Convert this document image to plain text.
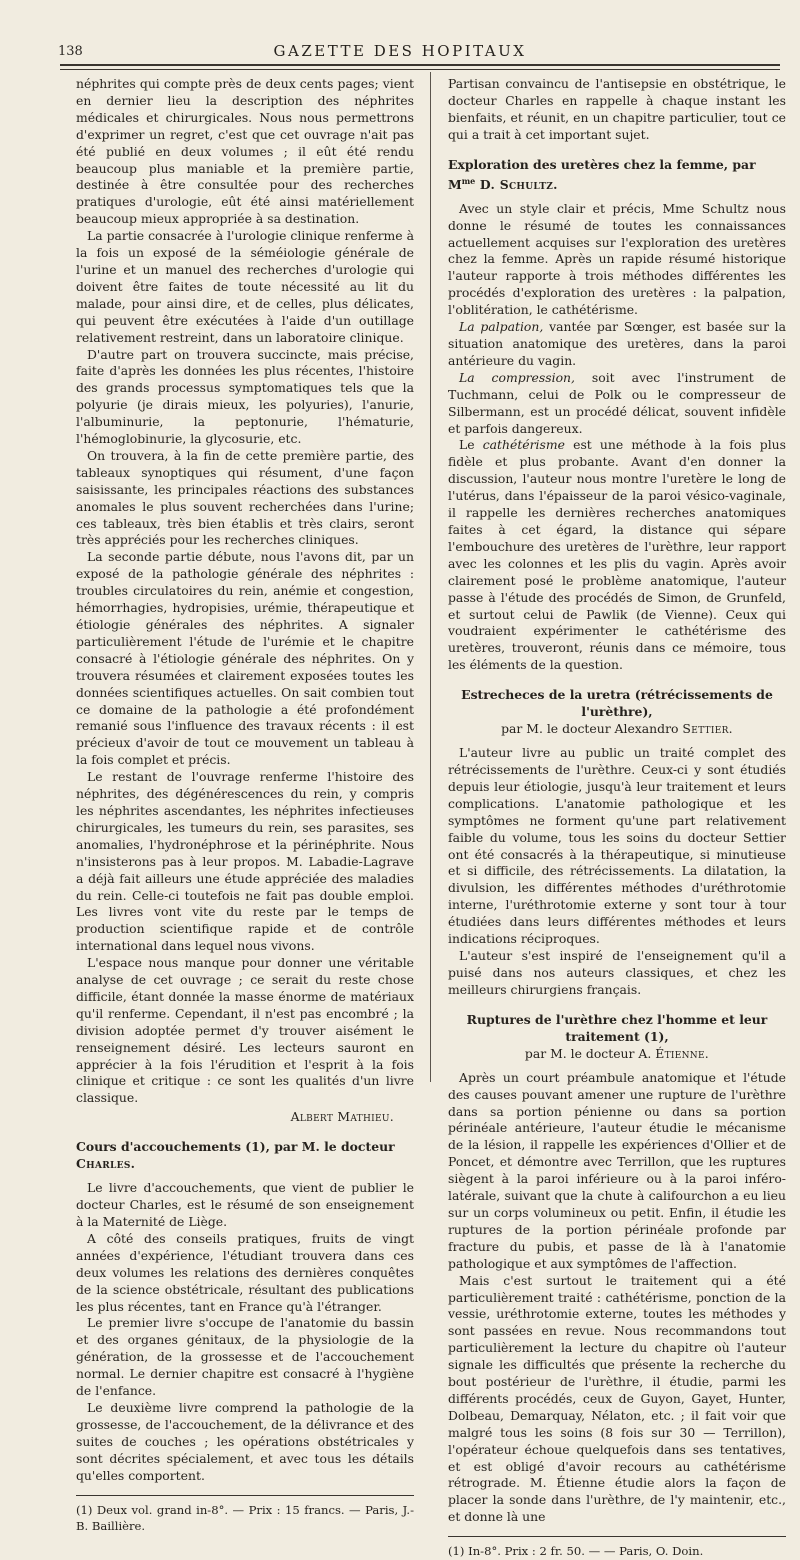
138	GAZETTE DES HOPITAUX

néphrites qui compte près de deux cents pages; vient en dernier lieu la description des néphrites médicales et chirurgicales. Nous nous permettrons d'exprimer un regret, c'est que cet ouvrage n'ait pas été publié en deux volumes ; il eût été rendu beaucoup plus maniable et la première partie, destinée à être consultée pour des recherches pratiques d'urologie, eût été ainsi matériellement beaucoup mieux appropriée à sa destination.

La partie consacrée à l'urologie clinique renferme à la fois un exposé de la séméiologie générale de l'urine et un manuel des recherches d'urologie qui doivent être faites de toute nécessité au lit du malade, pour ainsi dire, et de celles, plus délicates, qui peuvent être exécutées à l'aide d'un outillage relativement restreint, dans un laboratoire clinique.

D'autre part on trouvera succincte, mais précise, faite d'après les données les plus récentes, l'histoire des grands processus symptomatiques tels que la polyurie (je dirais mieux, les polyuries), l'anurie, l'albuminurie, la peptonurie, l'hématurie, l'hémoglobinurie, la glycosurie, etc.

On trouvera, à la fin de cette première partie, des tableaux synoptiques qui résument, d'une façon saisissante, les principales réactions des substances anomales le plus souvent recherchées dans l'urine; ces tableaux, très bien établis et très clairs, seront très appréciés pour les recherches cliniques.

La seconde partie débute, nous l'avons dit, par un exposé de la pathologie générale des néphrites : troubles circulatoires du rein, anémie et congestion, hémorrhagies, hydropisies, urémie, thérapeutique et étiologie générales des néphrites. A signaler particulièrement l'étude de l'urémie et le chapitre consacré à l'étiologie générale des néphrites. On y trouvera résumées et clairement exposées toutes les données scientifiques actuelles. On sait combien tout ce domaine de la pathologie a été profondément remanié sous l'influence des travaux récents : il est précieux d'avoir de tout ce mouvement un tableau à la fois complet et précis.

Le restant de l'ouvrage renferme l'histoire des néphrites, des dégénérescences du rein, y compris les néphrites ascendantes, les néphrites infectieuses chirurgicales, les tumeurs du rein, ses parasites, ses anomalies, l'hydronéphrose et la périnéphrite. Nous n'insisterons pas à leur propos. M. Labadie-Lagrave a déjà fait ailleurs une étude appréciée des maladies du rein. Celle-ci toutefois ne fait pas double emploi. Les livres vont vite du reste par le temps de production scientifique rapide et de contrôle international dans lequel nous vivons.

L'espace nous manque pour donner une véritable analyse de cet ouvrage ; ce serait du reste chose difficile, étant donnée la masse énorme de matériaux qu'il renferme. Cependant, il n'est pas encombré ; la division adoptée permet d'y trouver aisément le renseignement désiré. Les lecteurs sauront en apprécier à la fois l'érudition et l'esprit à la fois clinique et critique : ce sont les qualités d'un livre classique.

Albert Mathieu.
Cours d'accouchements (1), par M. le docteur Charles.

Le livre d'accouchements, que vient de publier le docteur Charles, est le résumé de son enseignement à la Maternité de Liège.

A côté des conseils pratiques, fruits de vingt années d'expérience, l'étudiant trouvera dans ces deux volumes les relations des dernières conquêtes de la science obstétricale, résultant des publications les plus récentes, tant en France qu'à l'étranger.

Le premier livre s'occupe de l'anatomie du bassin et des organes génitaux, de la physiologie de la génération, de la grossesse et de l'accouchement normal. Le dernier chapitre est consacré à l'hygiène de l'enfance.

Le deuxième livre comprend la pathologie de la grossesse, de l'accouchement, de la délivrance et des suites de couches ; les opérations obstétricales y sont décrites spécialement, et avec tous les détails qu'elles comportent.

(1) Deux vol. grand in-8°. — Prix : 15 francs. — Paris, J.-B. Baillière.

Partisan convaincu de l'antisepsie en obstétrique, le docteur Charles en rappelle à chaque instant les bienfaits, et réunit, en un chapitre particulier, tout ce qui a trait à cet important sujet.

Exploration des uretères chez la femme, par $M^{me}$ D. Schultz.

Avec un style clair et précis, Mme Schultz nous donne le résumé de toutes les connaissances actuellement acquises sur l'exploration des uretères chez la femme. Après un rapide résumé historique l'auteur rapporte à trois méthodes différentes les procédés d'exploration des uretères : la palpation, l'oblitération, le cathétérisme.

La palpation, vantée par Sœnger, est basée sur la situation anatomique des uretères, dans la paroi antérieure du vagin.

La compression, soit avec l'instrument de Tuchmann, celui de Polk ou le compresseur de Silbermann, est un procédé délicat, souvent infidèle et parfois dangereux.

Le cathétérisme est une méthode à la fois plus fidèle et plus probante. Avant d'en donner la discussion, l'auteur nous montre l'uretère le long de l'utérus, dans l'épaisseur de la paroi vésico-vaginale, il rappelle les dernières recherches anatomiques faites à cet égard, la distance qui sépare l'embouchure des uretères de l'urèthre, leur rapport avec les colonnes et les plis du vagin. Après avoir clairement posé le problème anatomique, l'auteur passe à l'étude des procédés de Simon, de Grunfeld, et surtout celui de Pawlik (de Vienne). Ceux qui voudraient expérimenter le cathétérisme des uretères, trouveront, réunis dans ce mémoire, tous les éléments de la question.

Estrecheces de la uretra (rétrécissements de l'urèthre),
par M. le docteur Alexandro Settier.

L'auteur livre au public un traité complet des rétrécissements de l'urèthre. Ceux-ci y sont étudiés depuis leur étiologie, jusqu'à leur traitement et leurs complications. L'anatomie pathologique et les symptômes ne forment qu'une part relativement faible du volume, tous les soins du docteur Settier ont été consacrés à la thérapeutique, si minutieuse et si difficile, des rétrécissements. La dilatation, la divulsion, les différentes méthodes d'uréthrotomie interne, l'uréthrotomie externe y sont tour à tour étudiées dans leurs différentes méthodes et leurs indications réciproques.

L'auteur s'est inspiré de l'enseignement qu'il a puisé dans nos auteurs classiques, et chez les meilleurs chirurgiens français.

Ruptures de l'urèthre chez l'homme et leur traitement (1),
par M. le docteur A. Étienne.

Après un court préambule anatomique et l'étude des causes pouvant amener une rupture de l'urèthre dans sa portion pénienne ou dans sa portion périnéale antérieure, l'auteur étudie le mécanisme de la lésion, il rappelle les expériences d'Ollier et de Poncet, et démontre avec Terrillon, que les ruptures siègent à la paroi inférieure ou à la paroi inféro-latérale, suivant que la chute à califourchon a eu lieu sur un corps volumineux ou petit. Enfin, il étudie les ruptures de la portion périnéale profonde par fracture du pubis, et passe de là à l'anatomie pathologique et aux symptômes de l'affection.

Mais c'est surtout le traitement qui a été particulièrement traité : cathétérisme, ponction de la vessie, uréthrotomie externe, toutes les méthodes y sont passées en revue. Nous recommandons tout particulièrement la lecture du chapitre où l'auteur signale les difficultés que présente la recherche du bout postérieur de l'urèthre, il étudie, parmi les différents procédés, ceux de Guyon, Gayet, Hunter, Dolbeau, Demarquay, Nélaton, etc. ; il fait voir que malgré tous les soins (8 fois sur 30 — Terrillon), l'opérateur échoue quelquefois dans ses tentatives, et est obligé d'avoir recours au cathétérisme rétrograde. M. Étienne étudie alors la façon de placer la sonde dans l'urèthre, de l'y maintenir, etc., et donne là une

(1) In-8°. Prix : 2 fr. 50. — — Paris, O. Doin.
